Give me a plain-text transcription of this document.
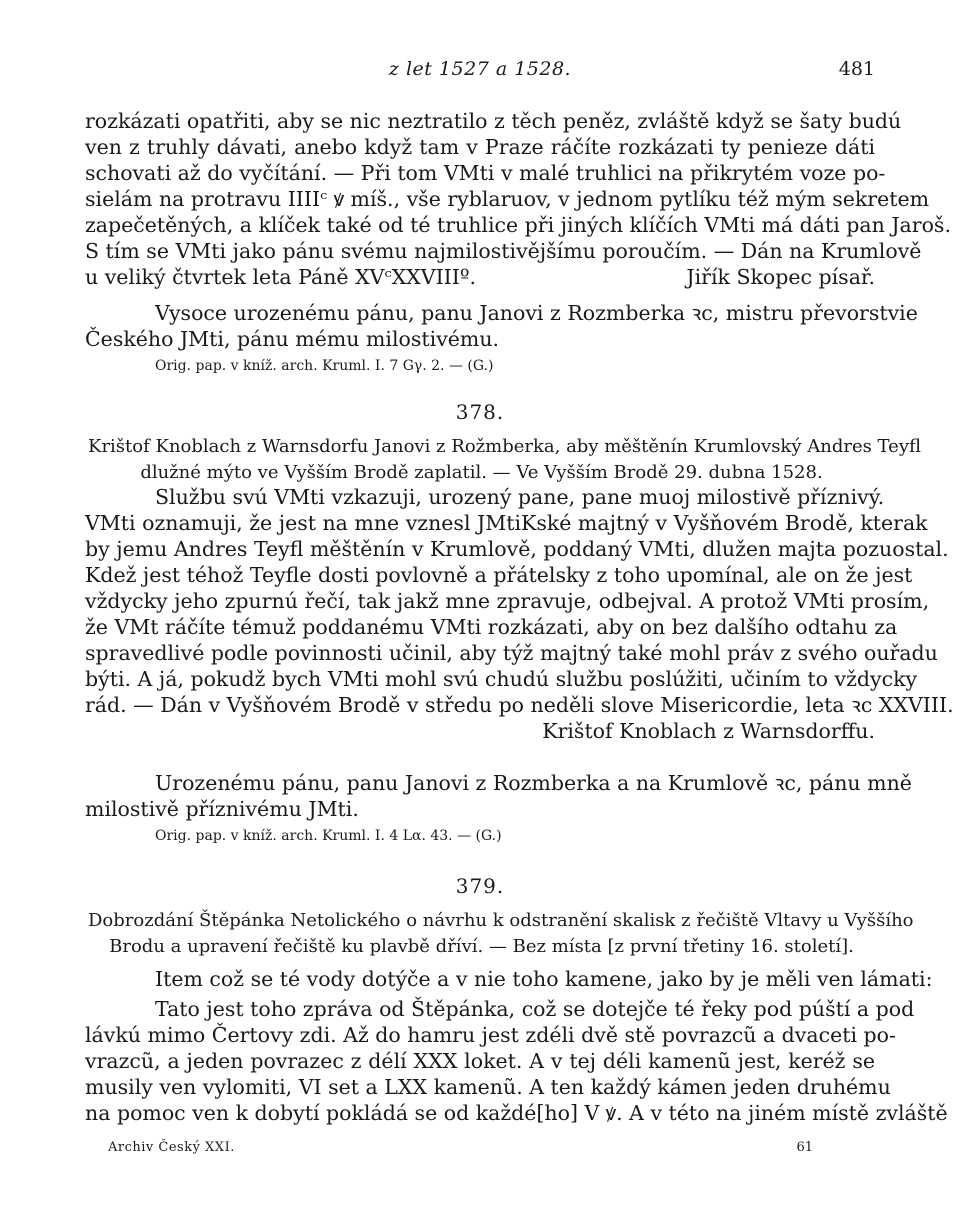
z let 1527 a 1528.	481
rozkázati opatřiti, aby se nic neztratilo z těch peněz, zvláště když se šaty budú
ven z truhly dávati, anebo když tam v Praze ráčíte rozkázati ty penieze dáti
schovati až do vyčítání. — Při tom VMti v malé truhlici na přikrytém voze po-
sielám na protravu IIIIᶜ ꝟ míš., vše ryblaruov, v jednom pytlíku též mým sekretem
zapečetěných, a klíček také od té truhlice při jiných klíčích VMti má dáti pan Jaroš.
S tím se VMti jako pánu svému najmilostivějšímu poroučím. — Dán na Krumlově
u veliký čtvrtek leta Páně XVᶜXXVIIIº.	Jiřík Skopec písař.
Vysoce urozenému pánu, panu Janovi z Rozmberka ꝛc, mistru převorstvie
Českého JMti, pánu mému milostivému.
Orig. pap. v kníž. arch. Kruml. I. 7 Gγ. 2. — (G.)
378.
Krištof Knoblach z Warnsdorfu Janovi z Rožmberka, aby měštěnín Krumlovský Andres Teyfl
dlužné mýto ve Vyšším Brodě zaplatil. — Ve Vyšším Brodě 29. dubna 1528.
Službu svú VMti vzkazuji, urozený pane, pane muoj milostivě příznivý.
VMti oznamuji, že jest na mne vznesl JMtiKské majtný v Vyšňovém Brodě, kterak
by jemu Andres Teyfl měštěnín v Krumlově, poddaný VMti, dlužen majta pozuostal.
Kdež jest téhož Teyfle dosti povlovně a přátelsky z toho upomínal, ale on že jest
vždycky jeho zpurnú řečí, tak jakž mne zpravuje, odbejval. A protož VMti prosím,
že VMt ráčíte témuž poddanému VMti rozkázati, aby on bez dalšího odtahu za
spravedlivé podle povinnosti učinil, aby týž majtný také mohl práv z svého ouřadu
býti. A já, pokudž bych VMti mohl svú chudú službu poslúžiti, učiním to vždycky
rád. — Dán v Vyšňovém Brodě v středu po neděli slove Misericordie, leta ꝛc XXVIII.
Krištof Knoblach z Warnsdorffu.
Urozenému pánu, panu Janovi z Rozmberka a na Krumlově ꝛc, pánu mně
milostivě příznivému JMti.
Orig. pap. v kníž. arch. Kruml. I. 4 Lα. 43. — (G.)
379.
Dobrozdání Štěpánka Netolického o návrhu k odstranění skalisk z řečiště Vltavy u Vyššího
Brodu a upravení řečiště ku plavbě dříví. — Bez místa [z první třetiny 16. století].
Item což se té vody dotýče a v nie toho kamene, jako by je měli ven lámati:
Tato jest toho zpráva od Štěpánka, což se dotejče té řeky pod púští a pod
lávkú mimo Čertovy zdi. Až do hamru jest zdéli dvě stě povrazcũ a dvaceti po-
vrazcũ, a jeden povrazec z délí XXX loket. A v tej déli kamenũ jest, keréž se
musily ven vylomiti, VI set a LXX kamenũ. A ten každý kámen jeden druhému
na pomoc ven k dobytí pokládá se od každé[ho] V ꝟ. A v této na jiném místě zvláště
Archiv Český XXI.	61
